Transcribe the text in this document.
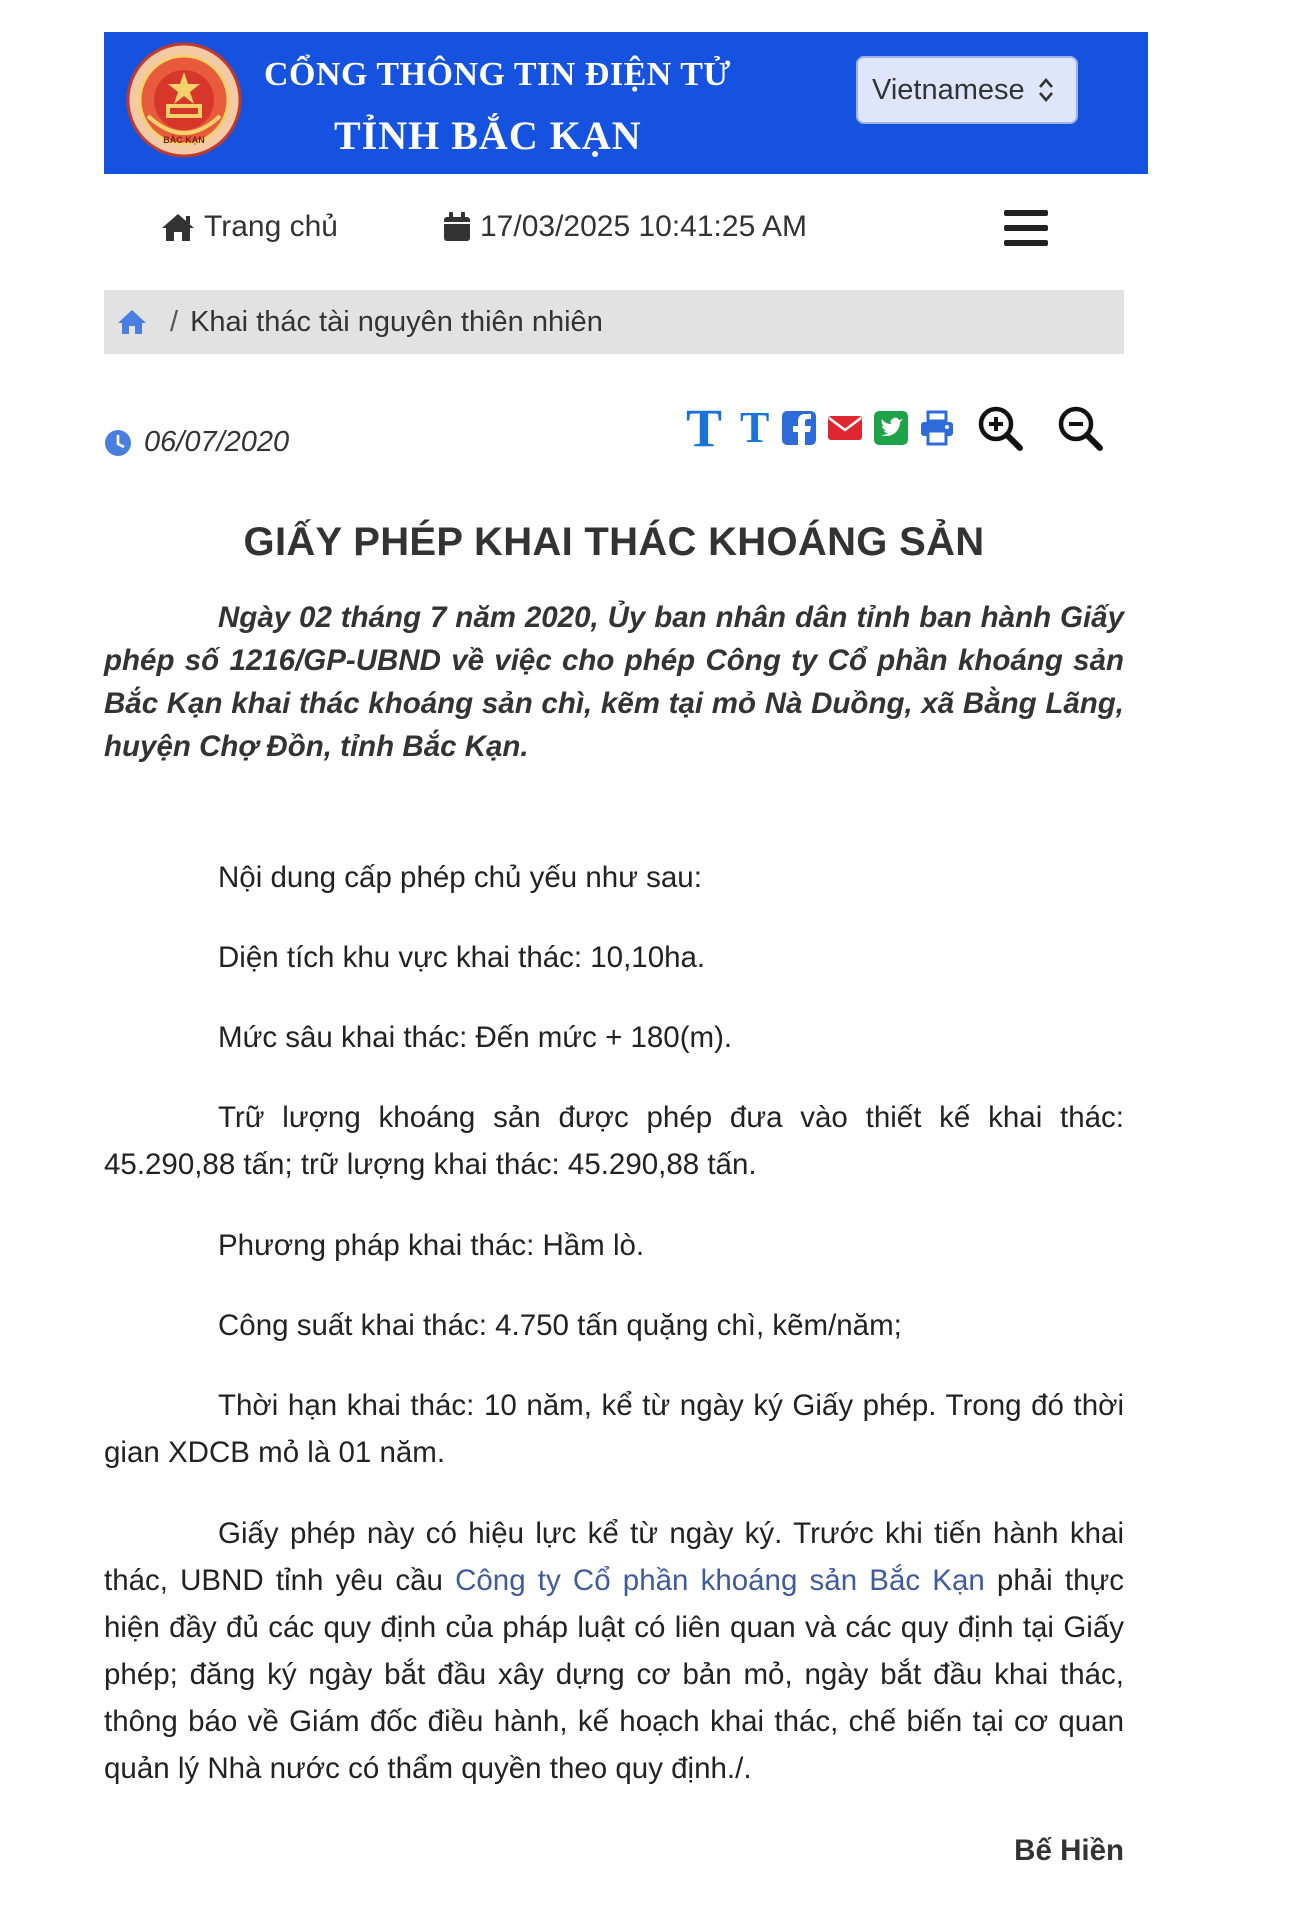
BẮC KẠN
CỔNG THÔNG TIN ĐIỆN TỬ
TỈNH BẮC KẠN
Vietnamese
Trang chủ	17/03/2025 10:41:25 AM
/ Khai thác tài nguyên thiên nhiên
06/07/2020	T T
GIẤY PHÉP KHAI THÁC KHOÁNG SẢN
Ngày 02 tháng 7 năm 2020, Ủy ban nhân dân tỉnh ban hành Giấy phép số 1216/GP-UBND về việc cho phép Công ty Cổ phần khoáng sản Bắc Kạn khai thác khoáng sản chì, kẽm tại mỏ Nà Duồng, xã Bằng Lãng, huyện Chợ Đồn, tỉnh Bắc Kạn.

Nội dung cấp phép chủ yếu như sau:

Diện tích khu vực khai thác: 10,10ha.

Mức sâu khai thác: Đến mức + 180(m).

Trữ lượng khoáng sản được phép đưa vào thiết kế khai thác: 45.290,88 tấn; trữ lượng khai thác: 45.290,88 tấn.

Phương pháp khai thác: Hầm lò.

Công suất khai thác: 4.750 tấn quặng chì, kẽm/năm;

Thời hạn khai thác: 10 năm, kể từ ngày ký Giấy phép. Trong đó thời gian XDCB mỏ là 01 năm.

Giấy phép này có hiệu lực kể từ ngày ký. Trước khi tiến hành khai thác, UBND tỉnh yêu cầu Công ty Cổ phần khoáng sản Bắc Kạn phải thực hiện đầy đủ các quy định của pháp luật có liên quan và các quy định tại Giấy phép; đăng ký ngày bắt đầu xây dựng cơ bản mỏ, ngày bắt đầu khai thác, thông báo về Giám đốc điều hành, kế hoạch khai thác, chế biến tại cơ quan quản lý Nhà nước có thẩm quyền theo quy định./.

Bế Hiền
